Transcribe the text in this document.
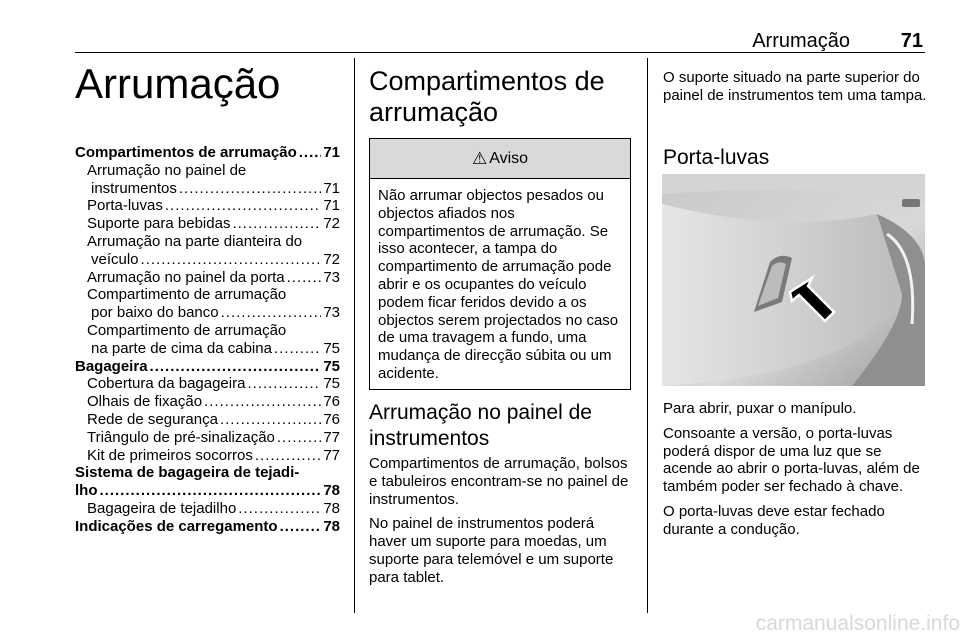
Arrumação	71
Arrumação
Compartimentos de arrumação ..... 71
Arrumação no painel de
instrumentos .....	71
Porta-luvas .....	71
Suporte para bebidas .....	72
Arrumação na parte dianteira do
veículo .....	72
Arrumação no painel da porta .....	73
Compartimento de arrumação
por baixo do banco .....	73
Compartimento de arrumação
na parte de cima da cabina .....	75
Bagageira .....	75
Cobertura da bagageira .....	75
Olhais de fixação .....	76
Rede de segurança .....	76
Triângulo de pré-sinalização .....	77
Kit de primeiros socorros .....	77
Sistema de bagageira de tejadi-
lho .....	78
Bagageira de tejadilho .....	78
Indicações de carregamento .....	78
Compartimentos de arrumação
⚠ Aviso
Não arrumar objectos pesados ou objectos afiados nos compartimentos de arrumação. Se isso acontecer, a tampa do compartimento de arrumação pode abrir e os ocupantes do veículo podem ficar feridos devido a os objectos serem projectados no caso de uma travagem a fundo, uma mudança de direcção súbita ou um acidente.
Arrumação no painel de instrumentos
Compartimentos de arrumação, bolsos e tabuleiros encontram-se no painel de instrumentos.
No painel de instrumentos poderá haver um suporte para moedas, um suporte para telemóvel e um suporte para tablet.
O suporte situado na parte superior do painel de instrumentos tem uma tampa.
Porta-luvas
Para abrir, puxar o manípulo.
Consoante a versão, o porta-luvas poderá dispor de uma luz que se acende ao abrir o porta-luvas, além de também poder ser fechado à chave.
O porta-luvas deve estar fechado durante a condução.
carmanualsonline.info
